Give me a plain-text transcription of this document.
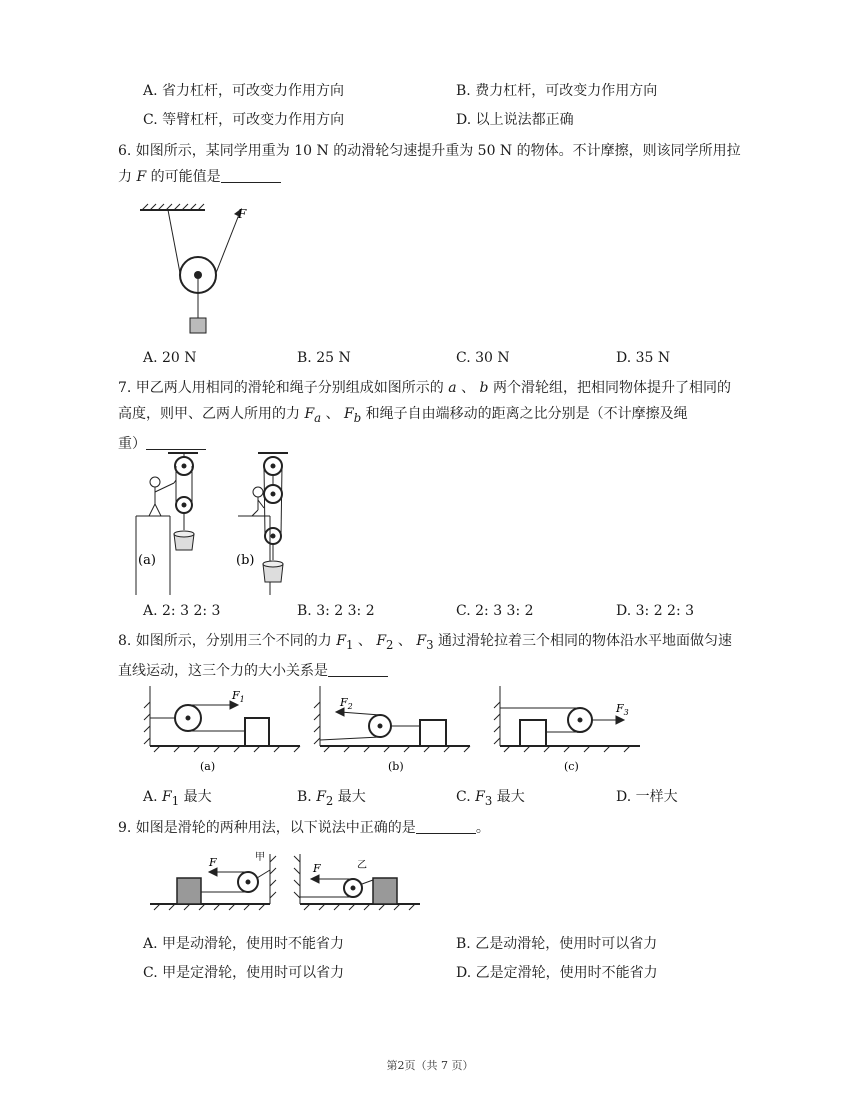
A. 省力杠杆，可改变力作用方向	B. 费力杠杆，可改变力作用方向
C. 等臂杠杆，可改变力作用方向	D. 以上说法都正确
6. 如图所示，某同学用重为 10 N 的动滑轮匀速提升重为 50 N 的物体。不计摩擦，则该同学所用拉
力 F 的可能值是
F
A. 20 N	B. 25 N	C. 30 N	D. 35 N
7. 甲乙两人用相同的滑轮和绳子分别组成如图所示的 a 、 b 两个滑轮组，把相同物体提升了相同的
高度，则甲、乙两人所用的力 $F_a$ 、 $F_b$ 和绳子自由端移动的距离之比分别是（不计摩擦及绳
重）
(a)	(b)
A. 2: 3 2: 3	B. 3: 2 3: 2	C. 2: 3 3: 2	D. 3: 2 2: 3
8. 如图所示，分别用三个不同的力 $F_1$ 、 $F_2$ 、 $F_3$ 通过滑轮拉着三个相同的物体沿水平地面做匀速
直线运动，这三个力的大小关系是
$F_1$	$F_2$	$F_3$
(a)	(b)	(c)
A. $F_1$ 最大	B. $F_2$ 最大	C. $F_3$ 最大	D. 一样大
9. 如图是滑轮的两种用法，以下说法中正确的是	。
F	F
甲
乙
A. 甲是动滑轮，使用时不能省力	B. 乙是动滑轮，使用时可以省力
C. 甲是定滑轮，使用时可以省力	D. 乙是定滑轮，使用时不能省力
第2页（共 7 页）
